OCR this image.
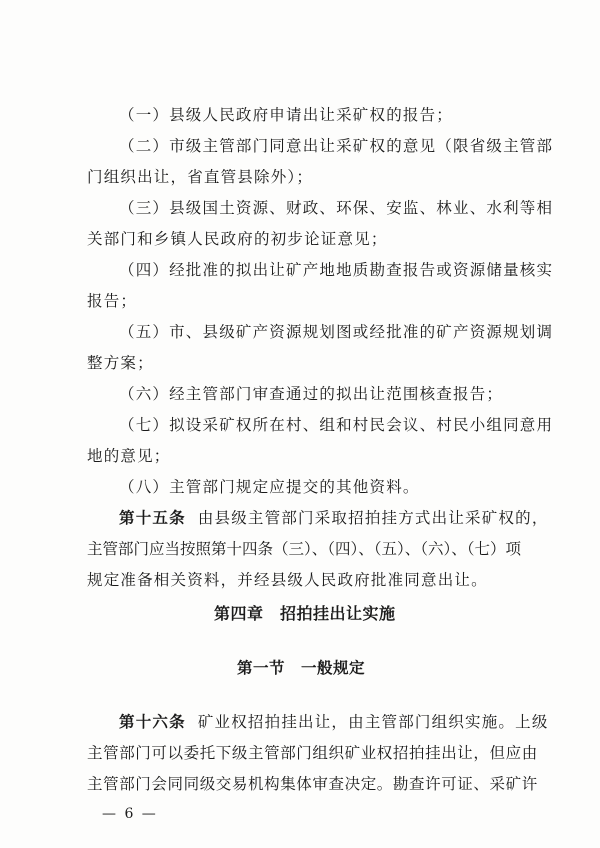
（一）县级人民政府申请出让采矿权的报告；
（二）市级主管部门同意出让采矿权的意见（限省级主管部
门组织出让，省直管县除外）；
（三）县级国土资源、财政、环保、安监、林业、水利等相
关部门和乡镇人民政府的初步论证意见；
（四）经批准的拟出让矿产地地质勘查报告或资源储量核实
报告；
（五）市、县级矿产资源规划图或经批准的矿产资源规划调
整方案；
（六）经主管部门审查通过的拟出让范围核查报告；
（七）拟设采矿权所在村、组和村民会议、村民小组同意用
地的意见；
（八）主管部门规定应提交的其他资料。
第十五条 由县级主管部门采取招拍挂方式出让采矿权的，
主管部门应当按照第十四条（三）、（四）、（五）、（六）、（七）项
规定准备相关资料，并经县级人民政府批准同意出让。
第四章　招拍挂出让实施
第一节　一般规定
第十六条 矿业权招拍挂出让，由主管部门组织实施。上级
主管部门可以委托下级主管部门组织矿业权招拍挂出让，但应由
主管部门会同同级交易机构集体审查决定。勘查许可证、采矿许
— 6 —
